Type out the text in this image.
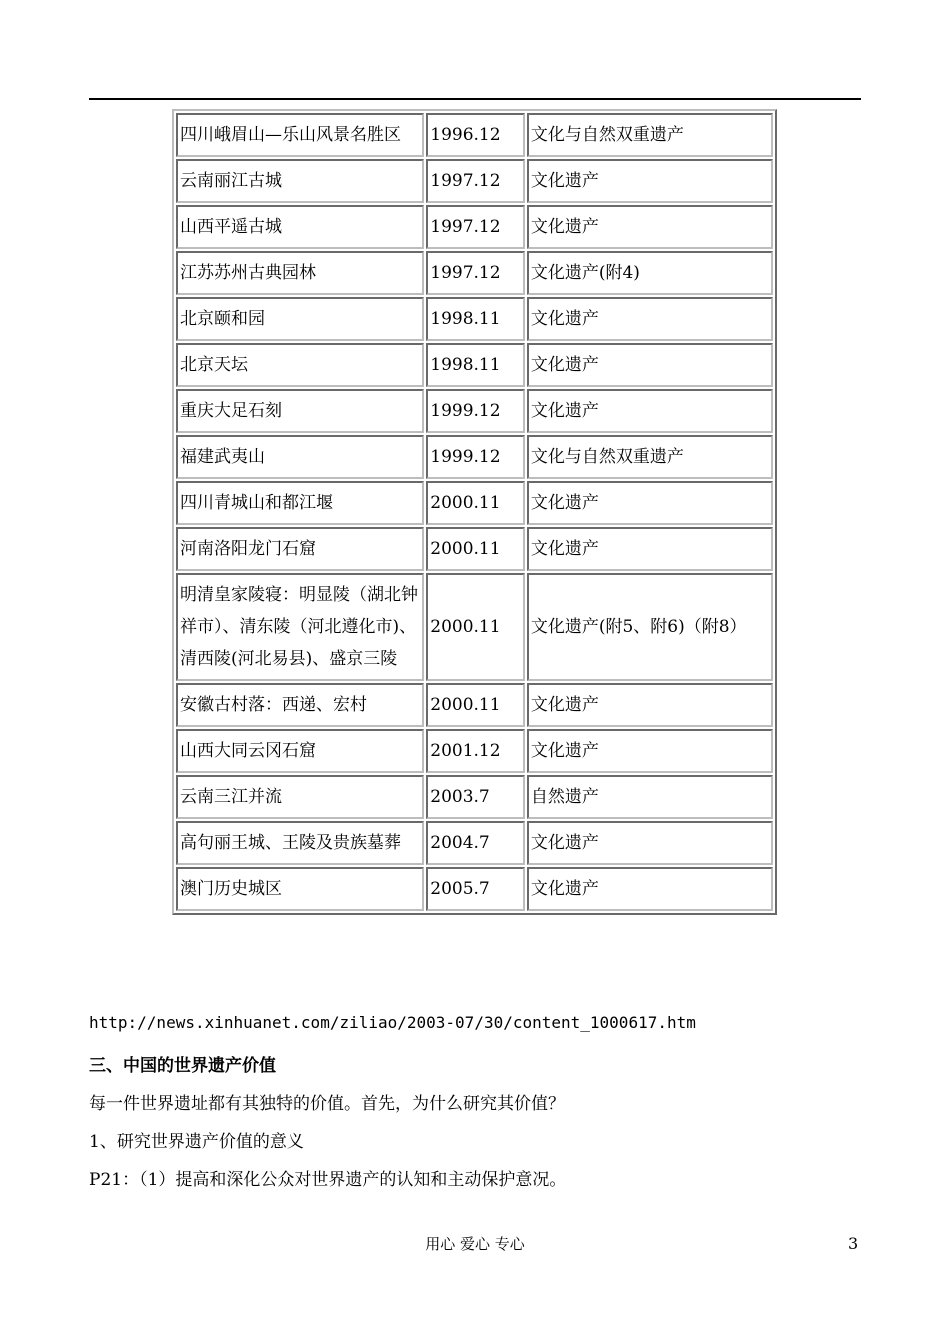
四川峨眉山—乐山风景名胜区	1996.12	文化与自然双重遗产
云南丽江古城	1997.12	文化遗产
山西平遥古城	1997.12	文化遗产
江苏苏州古典园林	1997.12	文化遗产(附4)
北京颐和园	1998.11	文化遗产
北京天坛	1998.11	文化遗产
重庆大足石刻	1999.12	文化遗产
福建武夷山	1999.12	文化与自然双重遗产
四川青城山和都江堰	2000.11	文化遗产
河南洛阳龙门石窟	2000.11	文化遗产
明清皇家陵寝：明显陵（湖北钟祥市）、清东陵（河北遵化市)、清西陵(河北易县)、盛京三陵	2000.11	文化遗产(附5、附6)（附8）
安徽古村落：西递、宏村	2000.11	文化遗产
山西大同云冈石窟	2001.12	文化遗产
云南三江并流	2003.7	自然遗产
高句丽王城、王陵及贵族墓葬	2004.7	文化遗产
澳门历史城区	2005.7	文化遗产
http://news.xinhuanet.com/ziliao/2003-07/30/content_1000617.htm
三、中国的世界遗产价值
每一件世界遗址都有其独特的价值。首先，为什么研究其价值？
1、研究世界遗产价值的意义
P21：（1）提高和深化公众对世界遗产的认知和主动保护意况。
用心 爱心 专心	3
